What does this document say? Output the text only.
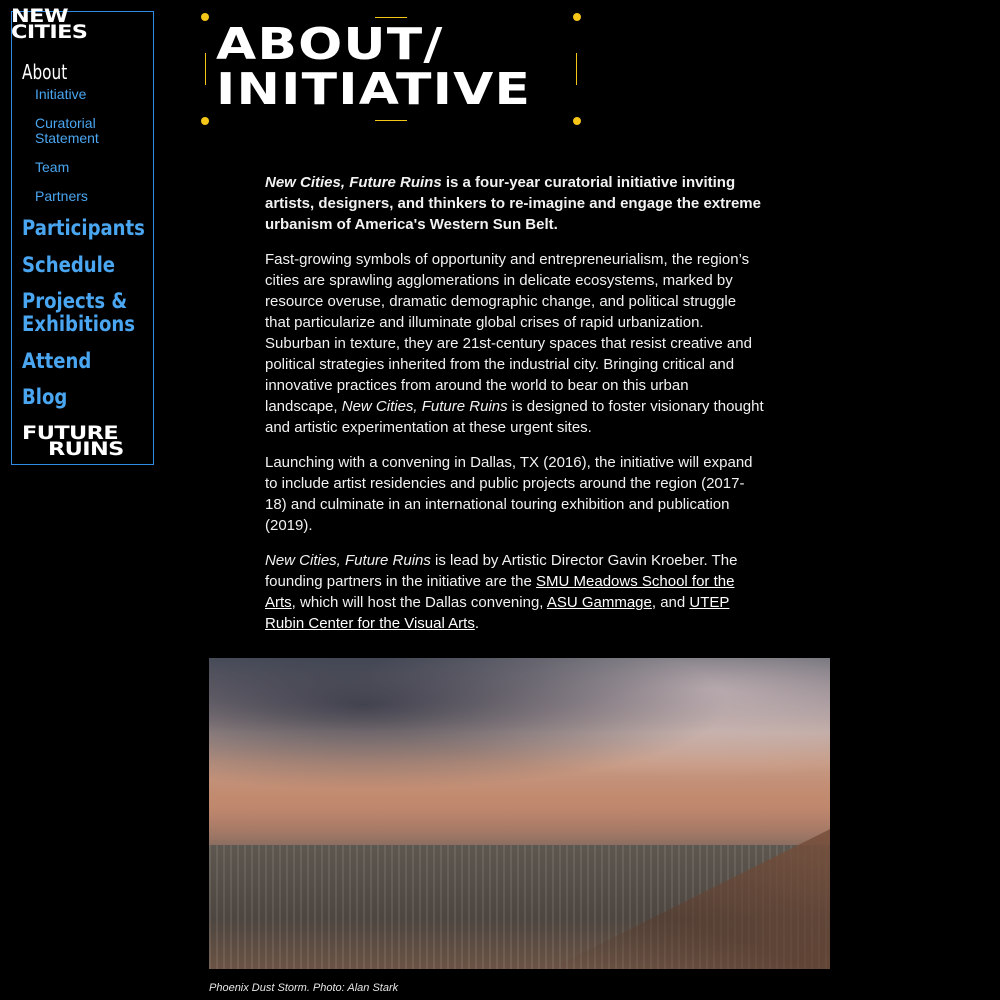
NEW
CITIES
About
Initiative
Curatorial
Statement
Team
Partners
Participants
Schedule
Projects &
Exhibitions
Attend
Blog
FUTURE
RUINS
ABOUT/
INITIATIVE

New Cities, Future Ruins is a four-year curatorial initiative inviting artists, designers, and thinkers to re-imagine and engage the extreme urbanism of America's Western Sun Belt.

Fast-growing symbols of opportunity and entrepreneurialism, the region’s cities are sprawling agglomerations in delicate ecosystems, marked by resource overuse, dramatic demographic change, and political struggle that particularize and illuminate global crises of rapid urbanization. Suburban in texture, they are 21st-century spaces that resist creative and political strategies inherited from the industrial city. Bringing critical and innovative practices from around the world to bear on this urban landscape, New Cities, Future Ruins is designed to foster visionary thought and artistic experimentation at these urgent sites.

Launching with a convening in Dallas, TX (2016), the initiative will expand to include artist residencies and public projects around the region (2017-18) and culminate in an international touring exhibition and publication (2019).

New Cities, Future Ruins is lead by Artistic Director Gavin Kroeber. The founding partners in the initiative are the SMU Meadows School for the Arts, which will host the Dallas convening, ASU Gammage, and UTEP Rubin Center for the Visual Arts.

Phoenix Dust Storm. Photo: Alan Stark
